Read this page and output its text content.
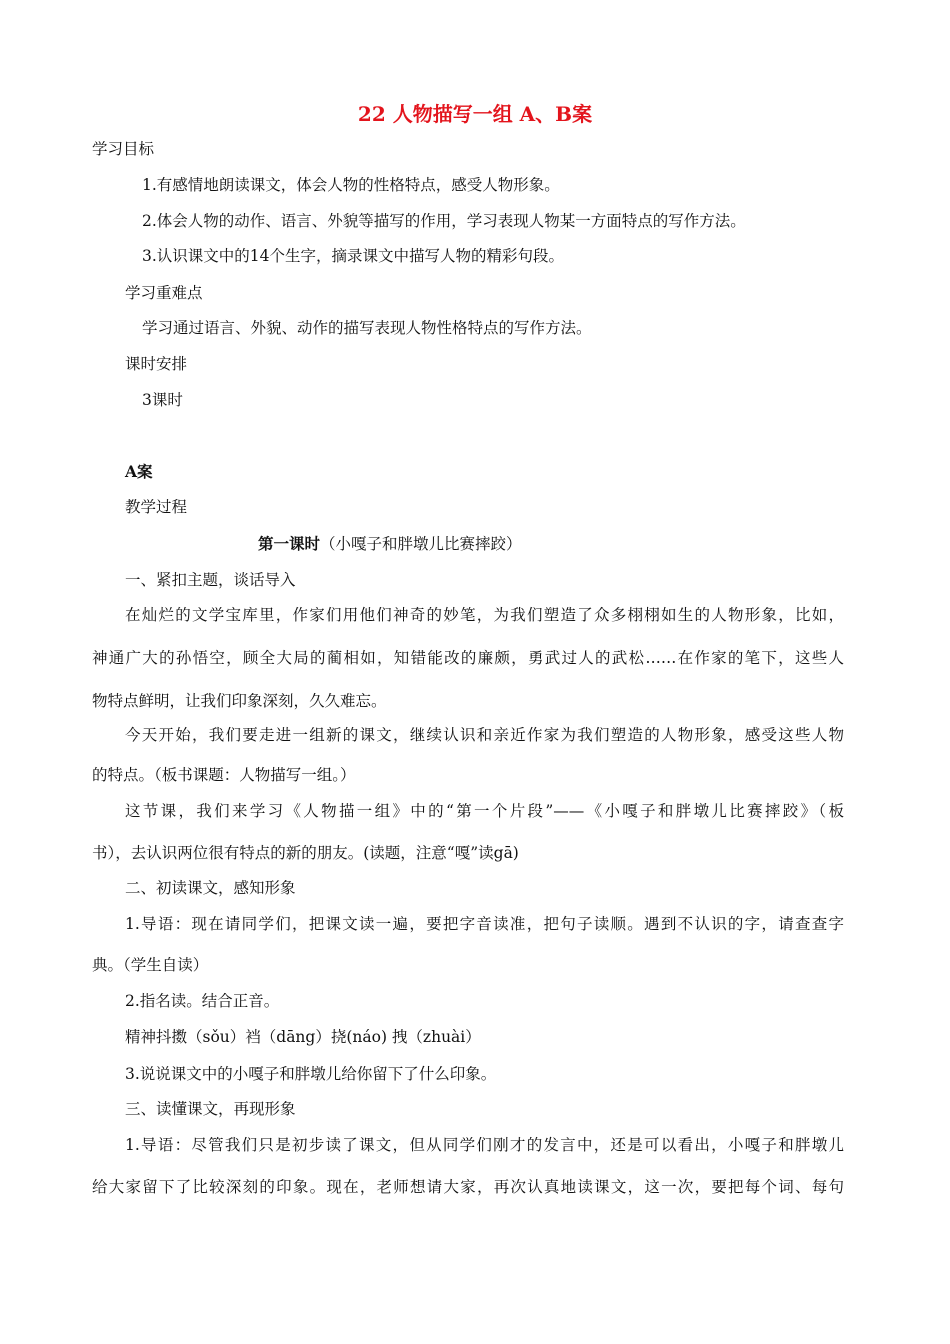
22 人物描写一组 A、B案
学习目标
1.有感情地朗读课文，体会人物的性格特点，感受人物形象。
2.体会人物的动作、语言、外貌等描写的作用，学习表现人物某一方面特点的写作方法。
3.认识课文中的14个生字，摘录课文中描写人物的精彩句段。
学习重难点
学习通过语言、外貌、动作的描写表现人物性格特点的写作方法。
课时安排
3课时
A案
教学过程
第一课时（小嘎子和胖墩儿比赛摔跤）
一、紧扣主题，谈话导入
在灿烂的文学宝库里，作家们用他们神奇的妙笔，为我们塑造了众多栩栩如生的人物形象，比如，
神通广大的孙悟空，顾全大局的蔺相如，知错能改的廉颇，勇武过人的武松……在作家的笔下，这些人
物特点鲜明，让我们印象深刻，久久难忘。
今天开始，我们要走进一组新的课文，继续认识和亲近作家为我们塑造的人物形象，感受这些人物
的特点。（板书课题：人物描写一组。）
这节课，我们来学习《人物描一组》中的“第一个片段”——《小嘎子和胖墩儿比赛摔跤》（板
书），去认识两位很有特点的新的朋友。(读题，注意“嘎”读gā)
二、初读课文，感知形象
1.导语：现在请同学们，把课文读一遍，要把字音读准，把句子读顺。遇到不认识的字，请查查字
典。（学生自读）
2.指名读。结合正音。
精神抖擞（sǒu）裆（dāng）挠(náo) 拽（zhuài）
3.说说课文中的小嘎子和胖墩儿给你留下了什么印象。
三、读懂课文，再现形象
1.导语：尽管我们只是初步读了课文，但从同学们刚才的发言中，还是可以看出，小嘎子和胖墩儿
给大家留下了比较深刻的印象。现在，老师想请大家，再次认真地读课文，这一次，要把每个词、每句
